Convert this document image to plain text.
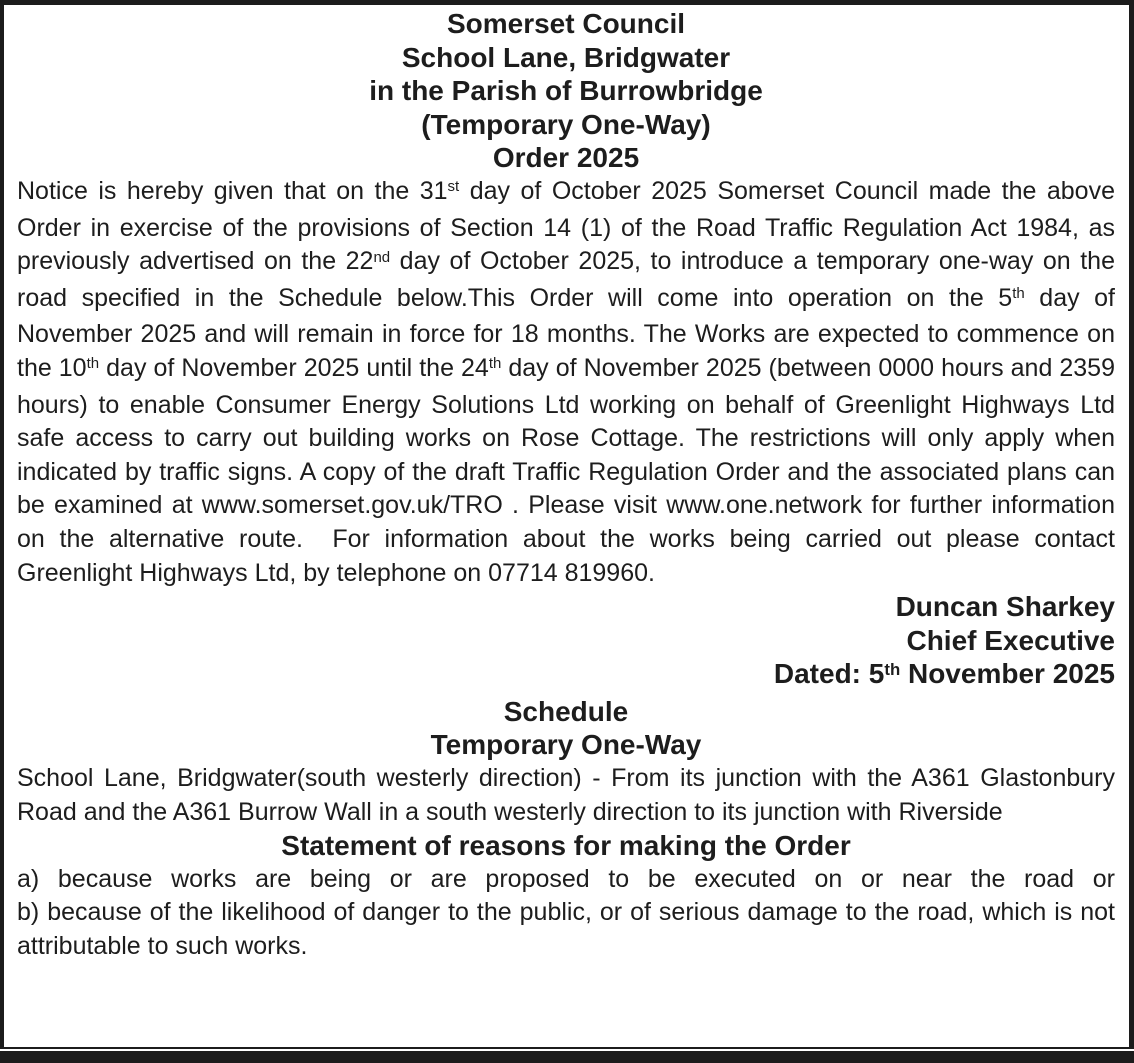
Somerset Council
School Lane, Bridgwater
in the Parish of Burrowbridge
(Temporary One-Way)
Order 2025

Notice is hereby given that on the 31st day of October 2025 Somerset Council made the above Order in exercise of the provisions of Section 14 (1) of the Road Traffic Regulation Act 1984, as previously advertised on the 22nd day of October 2025, to introduce a temporary one-way on the road specified in the Schedule below.This Order will come into operation on the 5th day of November 2025 and will remain in force for 18 months. The Works are expected to commence on the 10th day of November 2025 until the 24th day of November 2025 (between 0000 hours and 2359 hours) to enable Consumer Energy Solutions Ltd working on behalf of Greenlight Highways Ltd safe access to carry out building works on Rose Cottage. The restrictions will only apply when indicated by traffic signs. A copy of the draft Traffic Regulation Order and the associated plans can be examined at www.somerset.gov.uk/TRO . Please visit www.one.network for further information on the alternative route.  For information about the works being carried out please contact Greenlight Highways Ltd, by telephone on 07714 819960.

Duncan Sharkey
Chief Executive
Dated: 5th November 2025
Schedule
Temporary One-Way

School Lane, Bridgwater(south westerly direction) - From its junction with the A361 Glastonbury Road and the A361 Burrow Wall in a south westerly direction to its junction with Riverside

Statement of reasons for making the Order

a) because works are being or are proposed to be executed on or near the road or

b) because of the likelihood of danger to the public, or of serious damage to the road, which is not attributable to such works.
